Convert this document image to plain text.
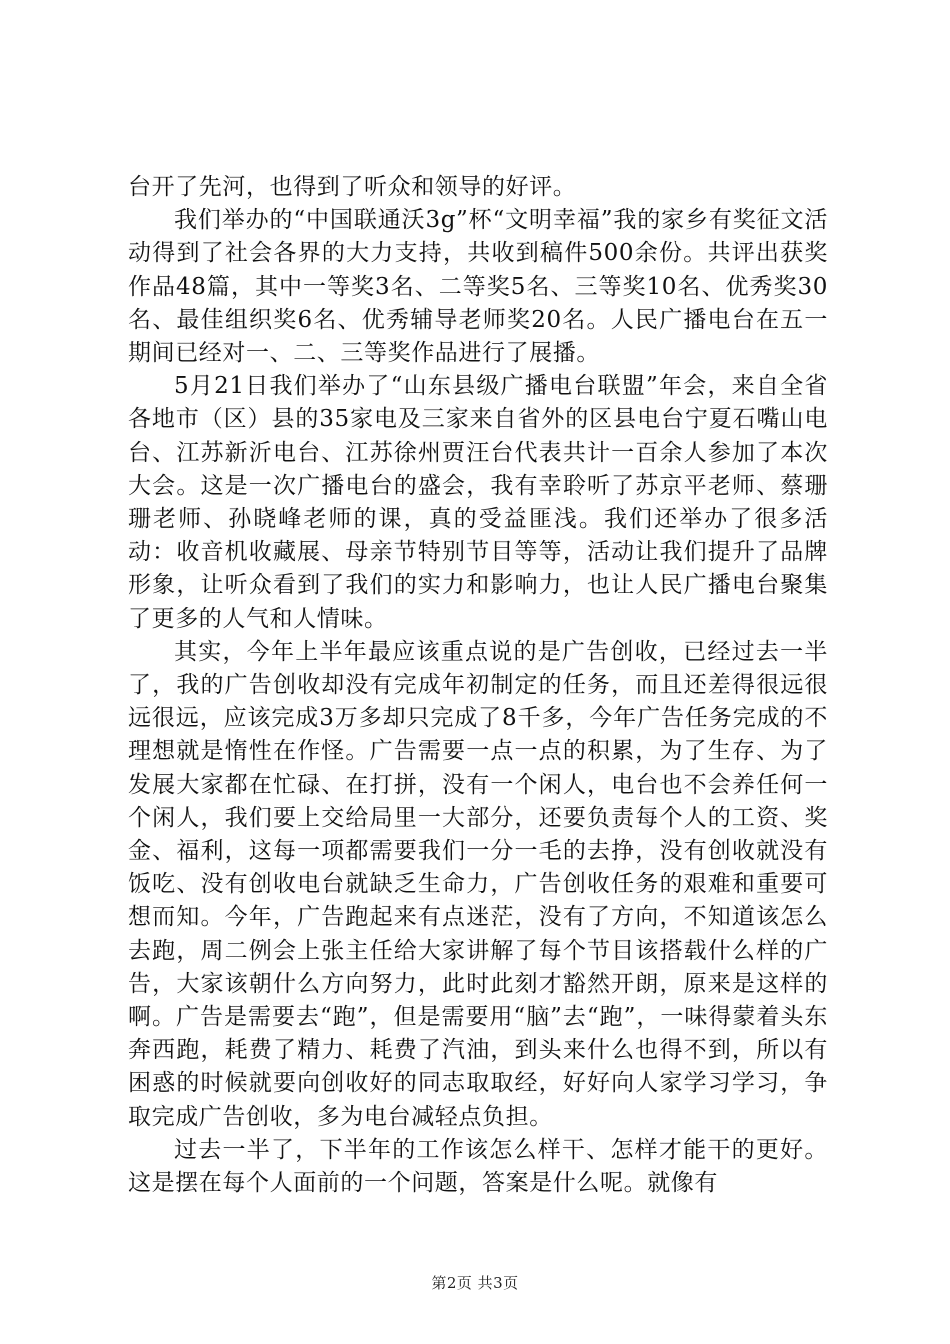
台开了先河，也得到了听众和领导的好评。

我们举办的“中国联通沃3g”杯“文明幸福”我的家乡有奖征文活动得到了社会各界的大力支持，共收到稿件500余份。共评出获奖作品48篇，其中一等奖3名、二等奖5名、三等奖10名、优秀奖30名、最佳组织奖6名、优秀辅导老师奖20名。人民广播电台在五一期间已经对一、二、三等奖作品进行了展播。

5月21日我们举办了“山东县级广播电台联盟”年会，来自全省各地市（区）县的35家电及三家来自省外的区县电台宁夏石嘴山电台、江苏新沂电台、江苏徐州贾汪台代表共计一百余人参加了本次大会。这是一次广播电台的盛会，我有幸聆听了苏京平老师、蔡珊珊老师、孙晓峰老师的课，真的受益匪浅。我们还举办了很多活动：收音机收藏展、母亲节特别节目等等，活动让我们提升了品牌形象，让听众看到了我们的实力和影响力，也让人民广播电台聚集了更多的人气和人情味。

其实，今年上半年最应该重点说的是广告创收，已经过去一半了，我的广告创收却没有完成年初制定的任务，而且还差得很远很远很远，应该完成3万多却只完成了8千多，今年广告任务完成的不理想就是惰性在作怪。广告需要一点一点的积累，为了生存、为了发展大家都在忙碌、在打拼，没有一个闲人，电台也不会养任何一个闲人，我们要上交给局里一大部分，还要负责每个人的工资、奖金、福利，这每一项都需要我们一分一毛的去挣，没有创收就没有饭吃、没有创收电台就缺乏生命力，广告创收任务的艰难和重要可想而知。今年，广告跑起来有点迷茫，没有了方向，不知道该怎么去跑，周二例会上张主任给大家讲解了每个节目该搭载什么样的广告，大家该朝什么方向努力，此时此刻才豁然开朗，原来是这样的啊。广告是需要去“跑”，但是需要用“脑”去“跑”，一味得蒙着头东奔西跑，耗费了精力、耗费了汽油，到头来什么也得不到，所以有困惑的时候就要向创收好的同志取取经，好好向人家学习学习，争取完成广告创收，多为电台减轻点负担。

过去一半了，下半年的工作该怎么样干、怎样才能干的更好。这是摆在每个人面前的一个问题，答案是什么呢。就像有

第2页 共3页
